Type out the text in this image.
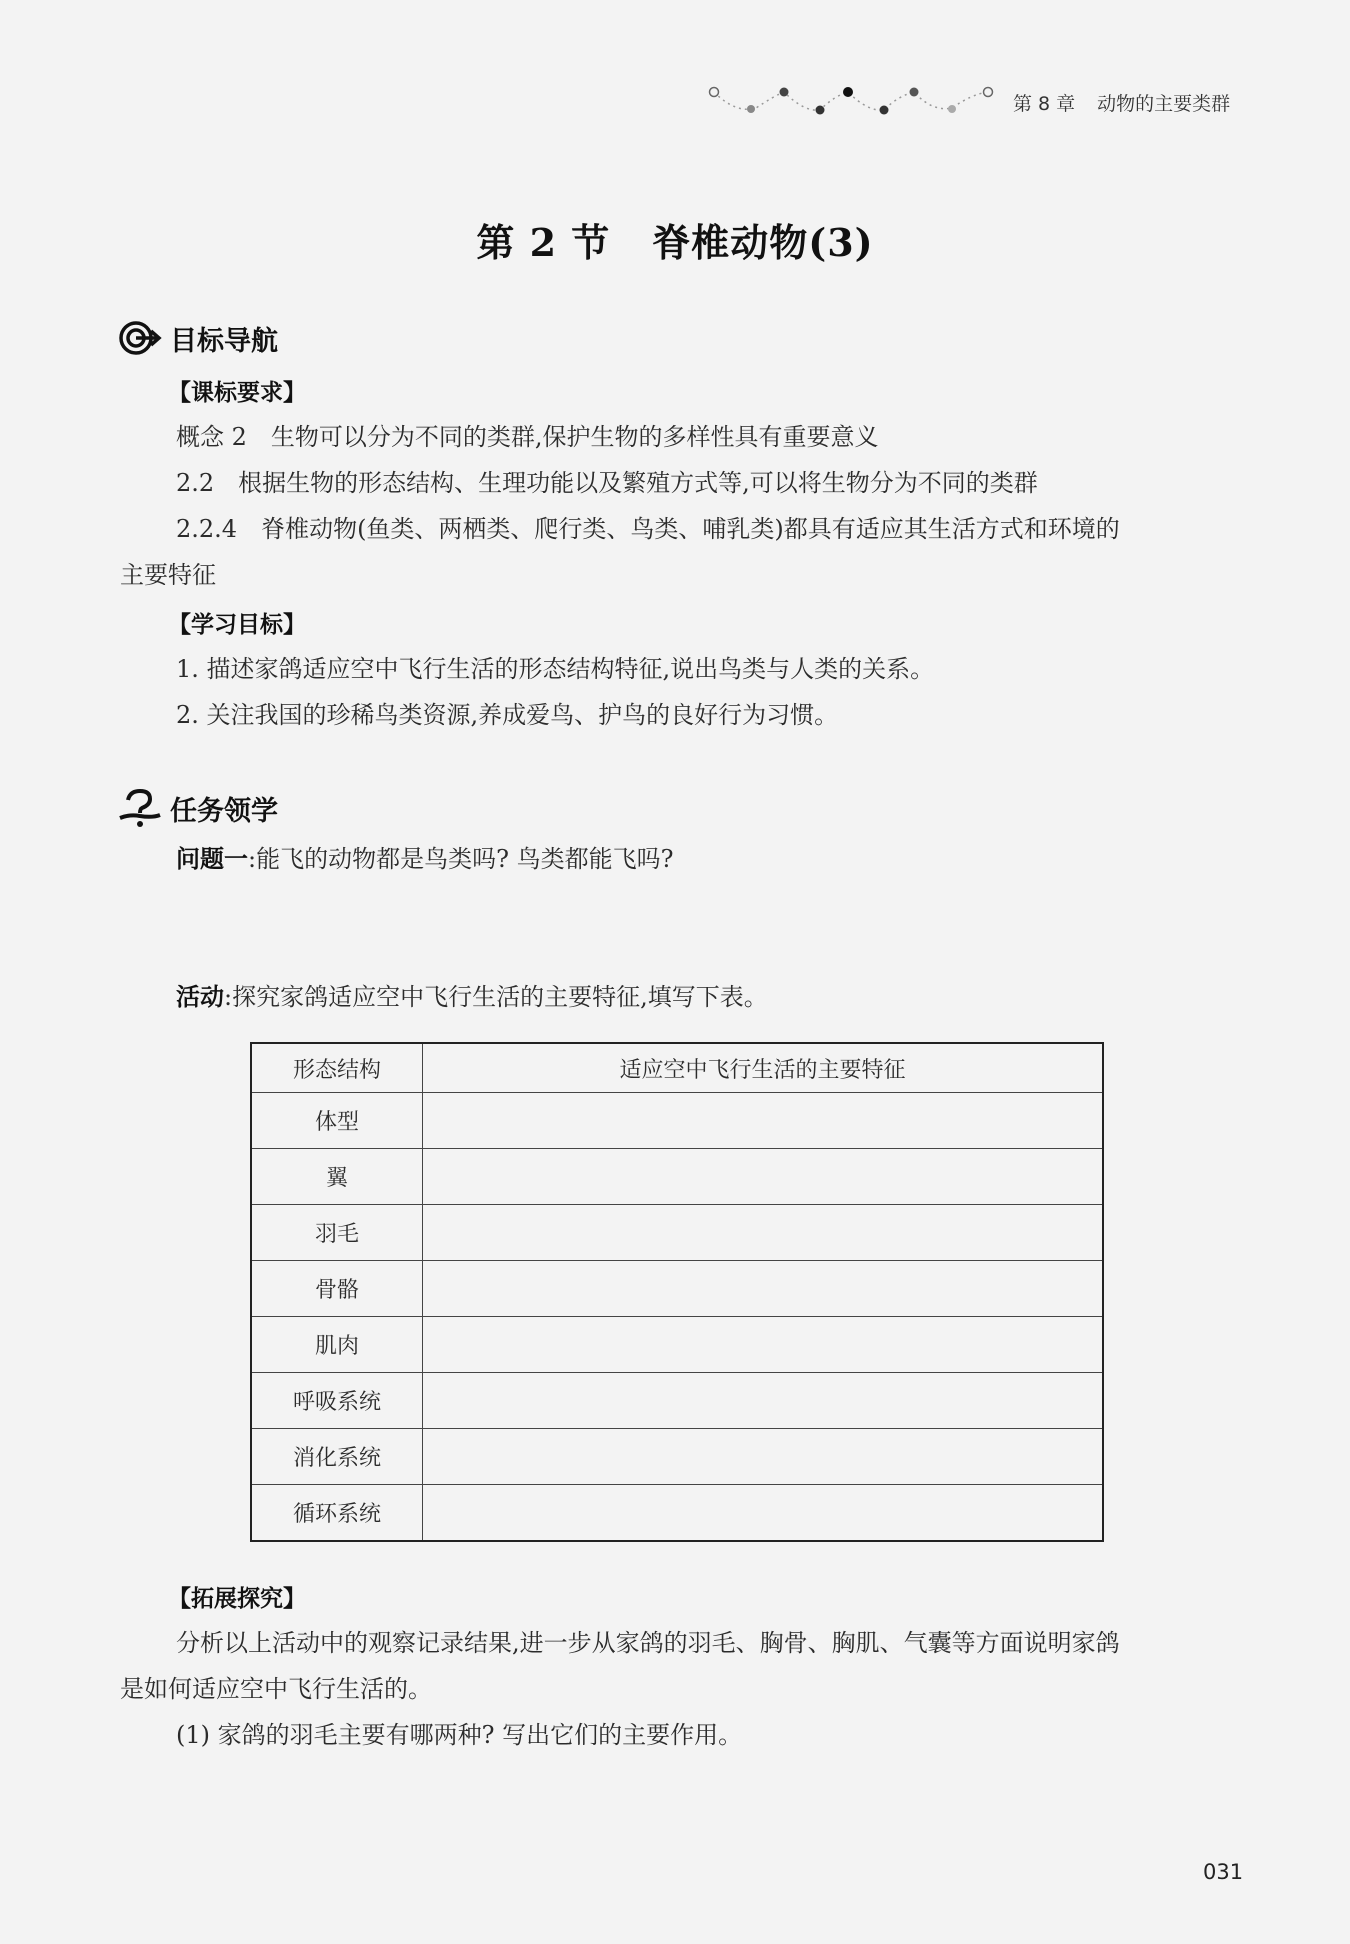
第 8 章 动物的主要类群
第 2 节 脊椎动物(3)
目标导航
【课标要求】
概念 2　生物可以分为不同的类群,保护生物的多样性具有重要意义
2.2　根据生物的形态结构、生理功能以及繁殖方式等,可以将生物分为不同的类群
2.2.4　脊椎动物(鱼类、两栖类、爬行类、鸟类、哺乳类)都具有适应其生活方式和环境的
主要特征
【学习目标】
1. 描述家鸽适应空中飞行生活的形态结构特征,说出鸟类与人类的关系。
2. 关注我国的珍稀鸟类资源,养成爱鸟、护鸟的良好行为习惯。
任务领学
问题一:能飞的动物都是鸟类吗? 鸟类都能飞吗?
活动:探究家鸽适应空中飞行生活的主要特征,填写下表。
形态结构	适应空中飞行生活的主要特征
体型	
翼	
羽毛	
骨骼	
肌肉	
呼吸系统	
消化系统	
循环系统	
【拓展探究】
分析以上活动中的观察记录结果,进一步从家鸽的羽毛、胸骨、胸肌、气囊等方面说明家鸽
是如何适应空中飞行生活的。
(1) 家鸽的羽毛主要有哪两种? 写出它们的主要作用。
031
